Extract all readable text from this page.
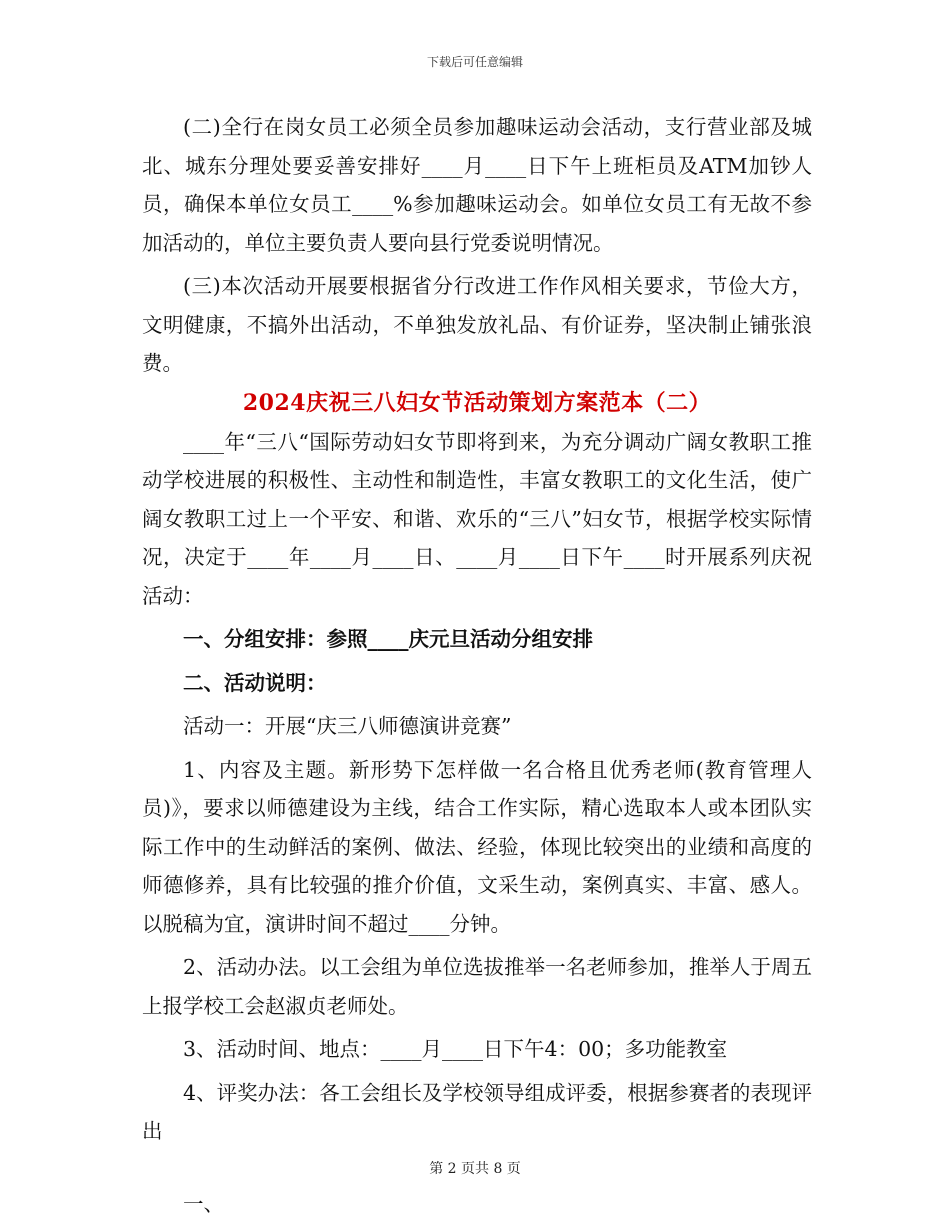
下载后可任意编辑

(二)全行在岗女员工必须全员参加趣味运动会活动，支行营业部及城北、城东分理处要妥善安排好____月____日下午上班柜员及ATM加钞人员，确保本单位女员工____%参加趣味运动会。如单位女员工有无故不参加活动的，单位主要负责人要向县行党委说明情况。

(三)本次活动开展要根据省分行改进工作作风相关要求，节俭大方，文明健康，不搞外出活动，不单独发放礼品、有价证券，坚决制止铺张浪费。

2024庆祝三八妇女节活动策划方案范本（二）

____年“三八“国际劳动妇女节即将到来，为充分调动广阔女教职工推动学校进展的积极性、主动性和制造性，丰富女教职工的文化生活，使广阔女教职工过上一个平安、和谐、欢乐的“三八”妇女节，根据学校实际情况，决定于____年____月____日、____月____日下午____时开展系列庆祝活动：

一、分组安排：参照____庆元旦活动分组安排

二、活动说明：

活动一：开展“庆三八师德演讲竞赛”

1、内容及主题。新形势下怎样做一名合格且优秀老师(教育管理人员)》，要求以师德建设为主线，结合工作实际，精心选取本人或本团队实际工作中的生动鲜活的案例、做法、经验，体现比较突出的业绩和高度的师德修养，具有比较强的推介价值，文采生动，案例真实、丰富、感人。以脱稿为宜，演讲时间不超过____分钟。

2、活动办法。以工会组为单位选拔推举一名老师参加，推举人于周五上报学校工会赵淑贞老师处。

3、活动时间、地点：____月____日下午4：00；多功能教室

4、评奖办法：各工会组长及学校领导组成评委，根据参赛者的表现评出

一、

第 2 页共 8 页
